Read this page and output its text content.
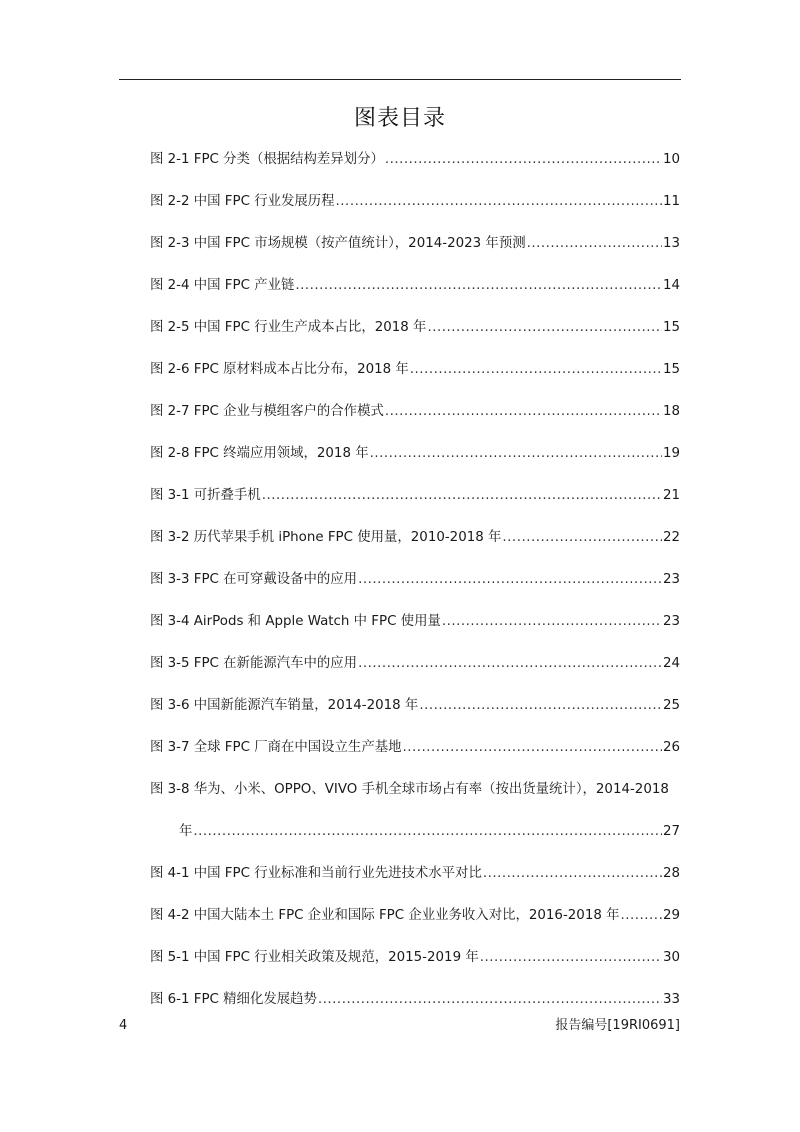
图表目录
图 2-1 FPC 分类（根据结构差异划分） .....	10
图 2-2 中国 FPC 行业发展历程 .....	11
图 2-3 中国 FPC 市场规模（按产值统计），2014-2023 年预测 .....	13
图 2-4 中国 FPC 产业链 .....	14
图 2-5 中国 FPC 行业生产成本占比，2018 年 .....	15
图 2-6 FPC 原材料成本占比分布，2018 年 .....	15
图 2-7 FPC 企业与模组客户的合作模式 .....	18
图 2-8 FPC 终端应用领域，2018 年 .....	19
图 3-1 可折叠手机 .....	21
图 3-2 历代苹果手机 iPhone FPC 使用量，2010-2018 年 .....	22
图 3-3 FPC 在可穿戴设备中的应用 .....	23
图 3-4 AirPods 和 Apple Watch 中 FPC 使用量 .....	23
图 3-5 FPC 在新能源汽车中的应用 .....	24
图 3-6 中国新能源汽车销量，2014-2018 年 .....	25
图 3-7 全球 FPC 厂商在中国设立生产基地 .....	26
图 3-8 华为、小米、OPPO、VIVO 手机全球市场占有率（按出货量统计），2014-2018
年 .....	27
图 4-1 中国 FPC 行业标准和当前行业先进技术水平对比 .....	28
图 4-2 中国大陆本土 FPC 企业和国际 FPC 企业业务收入对比，2016-2018 年 .....	29
图 5-1 中国 FPC 行业相关政策及规范，2015-2019 年 .....	30
图 6-1 FPC 精细化发展趋势 .....	33
4	报告编号[19RI0691]
